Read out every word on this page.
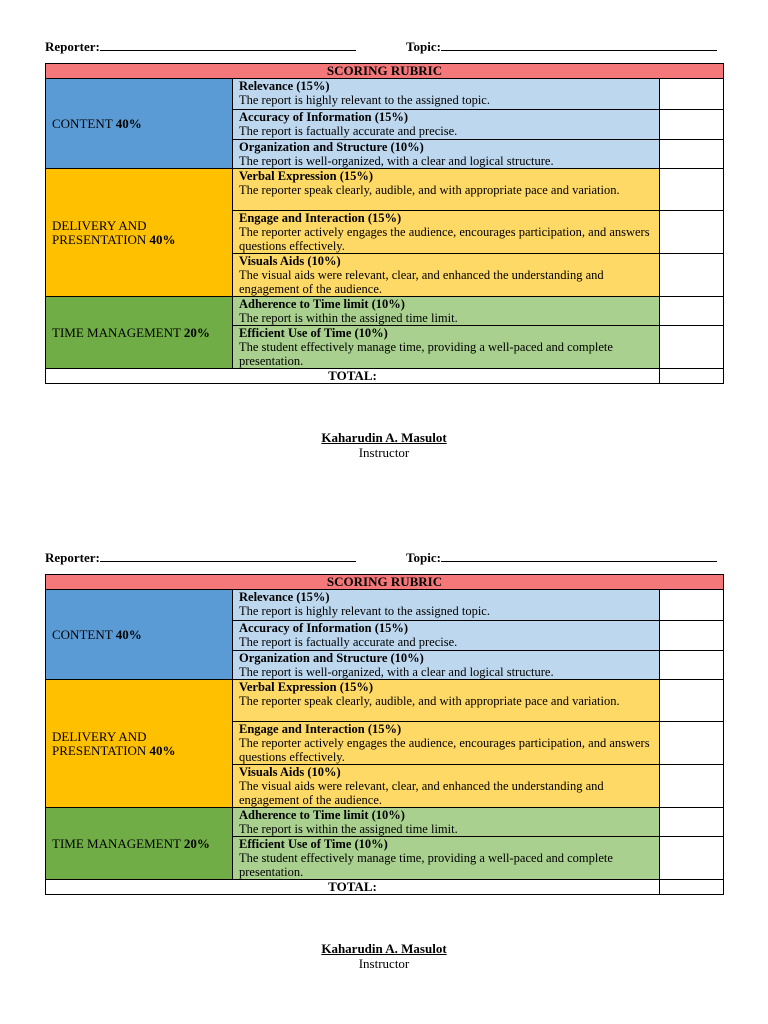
Reporter:	Topic:
SCORING RUBRIC		
CONTENT 40%	Relevance (15%)
The report is highly relevant to the assigned topic.	

	Accuracy of Information (15%)
The report is factually accurate and precise.	

	Organization and Structure (10%)
The report is well-organized, with a clear and logical structure.	

DELIVERY AND PRESENTATION 40%	Verbal Expression (15%)
The reporter speak clearly, audible, and with appropriate pace and variation.	

	Engage and Interaction (15%)
The reporter actively engages the audience, encourages participation, and answers questions effectively.	

	Visuals Aids (10%)
The visual aids were relevant, clear, and enhanced the understanding and engagement of the audience.	

TIME MANAGEMENT 20%	Adherence to Time limit (10%)
The report is within the assigned time limit.	

	Efficient Use of Time (10%)
The student effectively manage time, providing a well-paced and complete presentation.	

TOTAL:		
Kaharudin A. Masulot
Instructor
Reporter:	Topic:
SCORING RUBRIC		
CONTENT 40%	Relevance (15%)
The report is highly relevant to the assigned topic.	

	Accuracy of Information (15%)
The report is factually accurate and precise.	

	Organization and Structure (10%)
The report is well-organized, with a clear and logical structure.	

DELIVERY AND PRESENTATION 40%	Verbal Expression (15%)
The reporter speak clearly, audible, and with appropriate pace and variation.	

	Engage and Interaction (15%)
The reporter actively engages the audience, encourages participation, and answers questions effectively.	

	Visuals Aids (10%)
The visual aids were relevant, clear, and enhanced the understanding and engagement of the audience.	

TIME MANAGEMENT 20%	Adherence to Time limit (10%)
The report is within the assigned time limit.	

	Efficient Use of Time (10%)
The student effectively manage time, providing a well-paced and complete presentation.	

TOTAL:		
Kaharudin A. Masulot
Instructor
